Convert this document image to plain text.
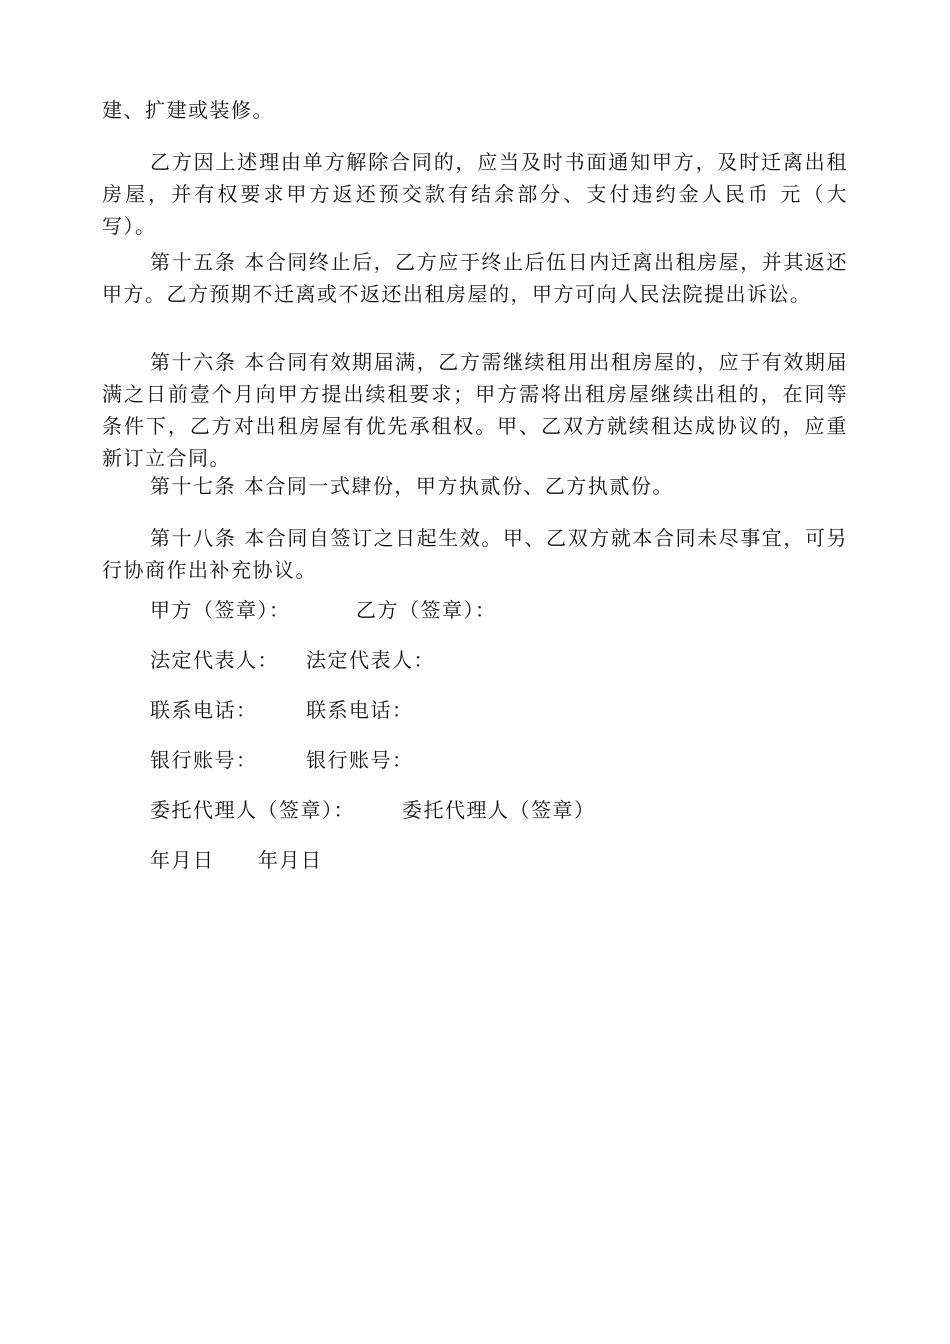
建、扩建或装修。

乙方因上述理由单方解除合同的，应当及时书面通知甲方，及时迁离出租房屋，并有权要求甲方返还预交款有结余部分、支付违约金人民币 元（大写）。

第十五条 本合同终止后，乙方应于终止后伍日内迁离出租房屋，并其返还甲方。乙方预期不迁离或不返还出租房屋的，甲方可向人民法院提出诉讼。

第十六条 本合同有效期届满，乙方需继续租用出租房屋的，应于有效期届满之日前壹个月向甲方提出续租要求；甲方需将出租房屋继续出租的，在同等条件下，乙方对出租房屋有优先承租权。甲、乙双方就续租达成协议的，应重新订立合同。

第十七条 本合同一式肆份，甲方执贰份、乙方执贰份。

第十八条 本合同自签订之日起生效。甲、乙双方就本合同未尽事宜，可另行协商作出补充协议。

甲方（签章）：	乙方（签章）：
法定代表人： 法定代表人：
联系电话： 联系电话：
银行账号： 银行账号：
委托代理人（签章）： 委托代理人（签章）
年月日 年月日
